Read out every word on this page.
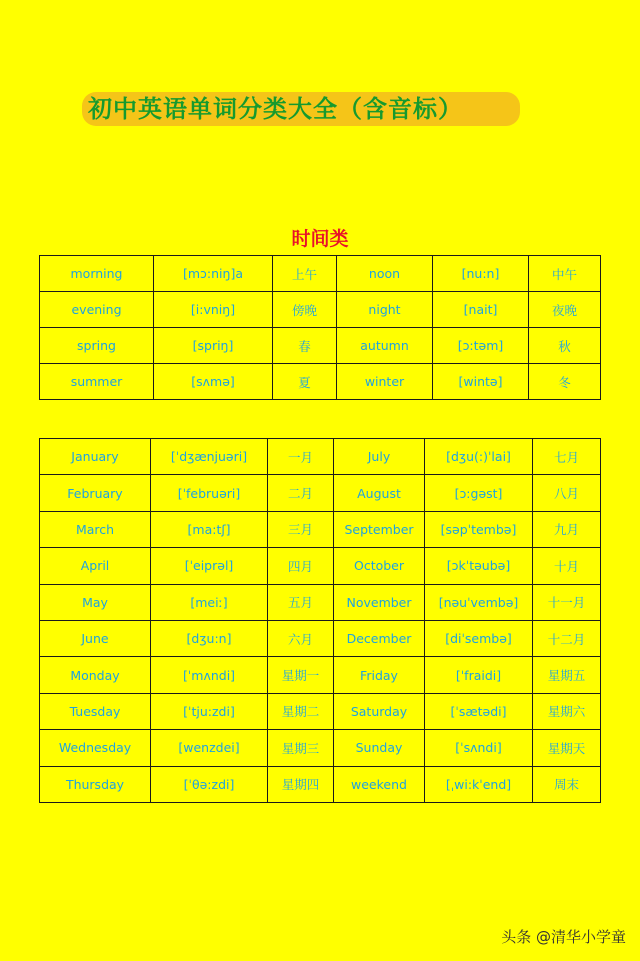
初中英语单词分类大全（含音标）
时间类
morning	[mɔ:niŋ]a	上午	noon	[nu:n]	中午
evening	[i:vniŋ]	傍晚	night	[nait]	夜晚
spring	[spriŋ]	春	autumn	[ɔ:təm]	秋
summer	[sʌmə]	夏	winter	[wintə]	冬
January	[ˈdʒænjuəri]	一月	July	[dʒu(:)ˈlai]	七月
February	[ˈfebruəri]	二月	August	[ɔ:gəst]	八月
March	[ma:tʃ]	三月	September	[səpˈtembə]	九月
April	[ˈeiprəl]	四月	October	[ɔkˈtəubə]	十月
May	[meiː]	五月	November	[nəuˈvembə]	十一月
June	[dʒu:n]	六月	December	[diˈsembə]	十二月
Monday	[ˈmʌndi]	星期一	Friday	[ˈfraidi]	星期五
Tuesday	[ˈtju:zdi]	星期二	Saturday	[ˈsætədi]	星期六
Wednesday	[wenzdei]	星期三	Sunday	[ˈsʌndi]	星期天
Thursday	[ˈθə:zdi]	星期四	weekend	[ˌwi:kˈend]	周末
头条 @清华小学童
